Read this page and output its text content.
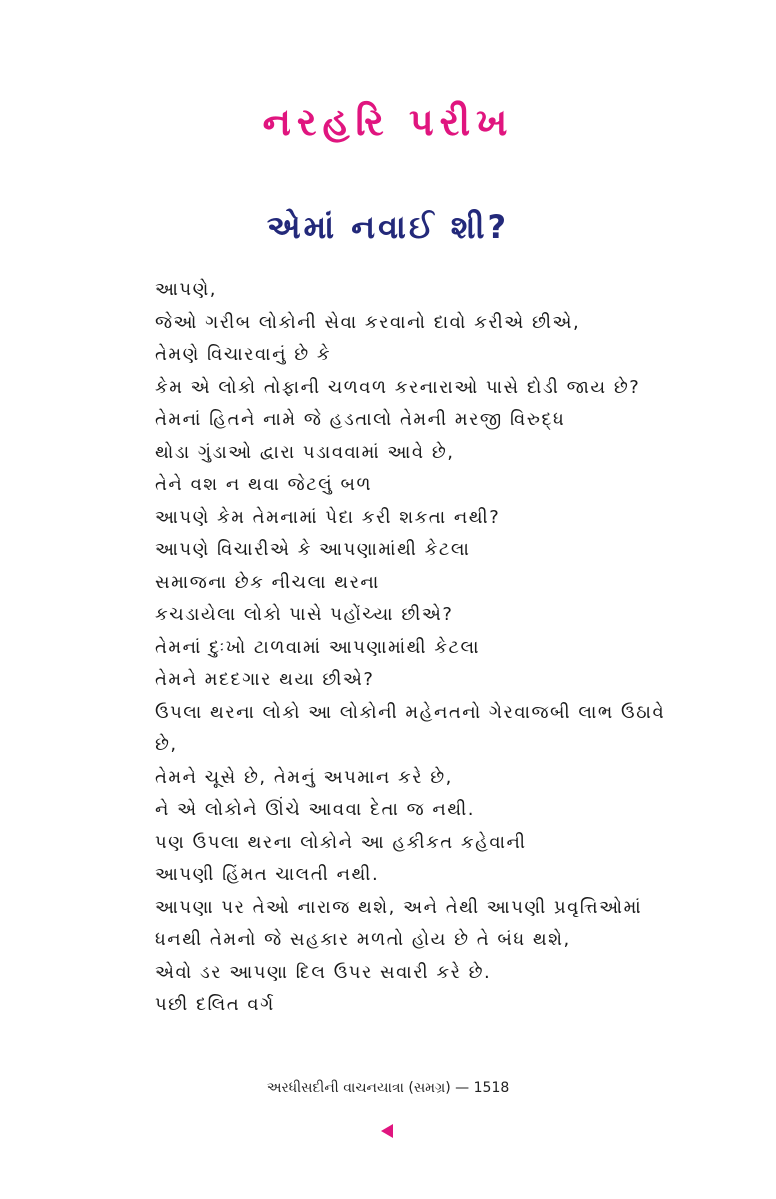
નરહરિ પરીખ
એમાં નવાઈ શી?
આપણે,
જેઓ ગરીબ લોકોની સેવા કરવાનો દાવો કરીએ છીએ,
તેમણે વિચારવાનું છે કે
કેમ એ લોકો તોફાની ચળવળ કરનારાઓ પાસે દોડી જાય છે?
તેમનાં હિતને નામે જે હડતાલો તેમની મરજી વિરુદ્ધ
થોડા ગુંડાઓ દ્વારા પડાવવામાં આવે છે,
તેને વશ ન થવા જેટલું બળ
આપણે કેમ તેમનામાં પેદા કરી શકતા નથી?
આપણે વિચારીએ કે આપણામાંથી કેટલા
સમાજના છેક નીચલા થરના
કચડાયેલા લોકો પાસે પહોંચ્યા છીએ?
તેમનાં દુઃખો ટાળવામાં આપણામાંથી કેટલા
તેમને મદદગાર થયા છીએ?
ઉપલા થરના લોકો આ લોકોની મહેનતનો ગેરવાજબી લાભ ઉઠાવે
છે,
તેમને ચૂસે છે, તેમનું અપમાન કરે છે,
ને એ લોકોને ઊંચે આવવા દેતા જ નથી.
પણ ઉપલા થરના લોકોને આ હકીકત કહેવાની
આપણી હિંમત ચાલતી નથી.
આપણા પર તેઓ નારાજ થશે, અને તેથી આપણી પ્રવૃત્તિઓમાં
ધનથી તેમનો જે સહકાર મળતો હોય છે તે બંધ થશે,
એવો ડર આપણા દિલ ઉપર સવારી કરે છે.
પછી દલિત વર્ગ
અરધીસદીની વાચનયાત્રા (સમગ્ર) — 1518
